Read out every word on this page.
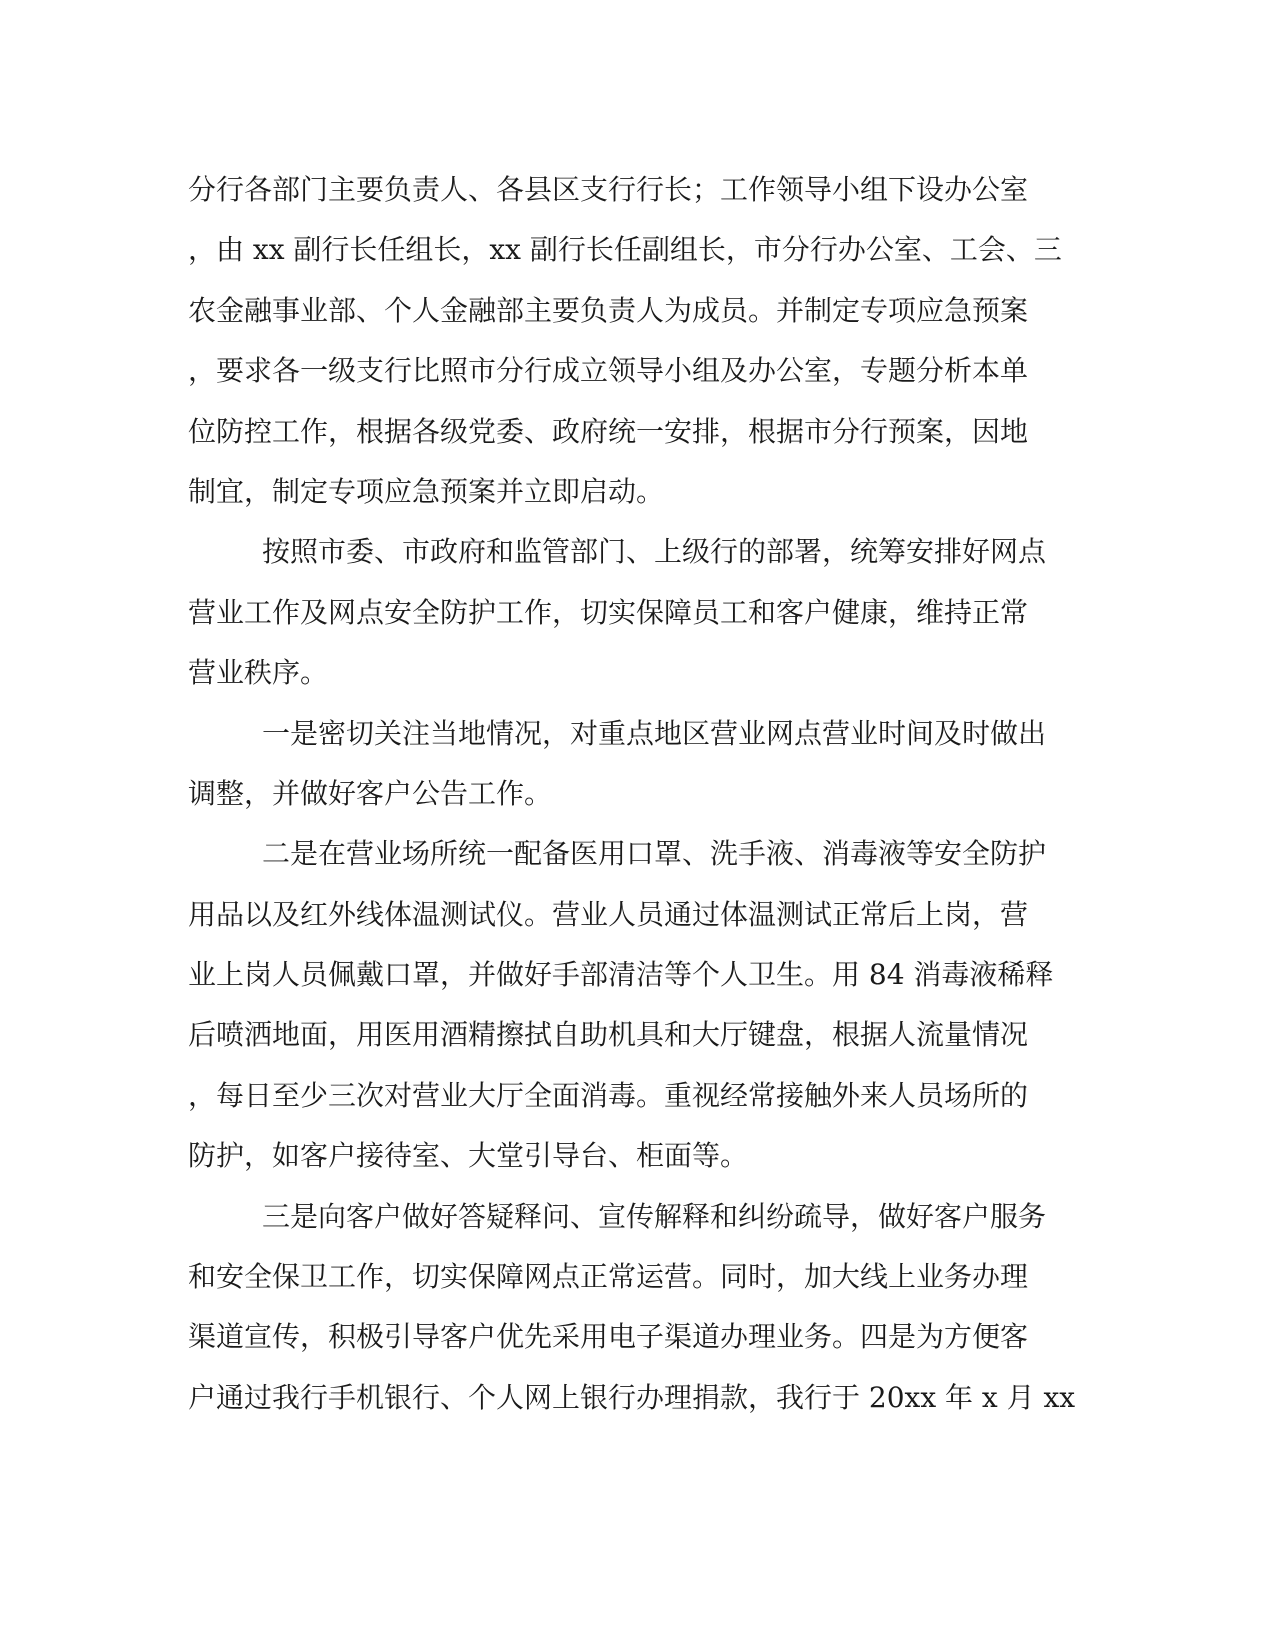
分行各部门主要负责人、各县区支行行长；工作领导小组下设办公室
，由 xx 副行长任组长，xx 副行长任副组长，市分行办公室、工会、三
农金融事业部、个人金融部主要负责人为成员。并制定专项应急预案
，要求各一级支行比照市分行成立领导小组及办公室，专题分析本单
位防控工作，根据各级党委、政府统一安排，根据市分行预案，因地
制宜，制定专项应急预案并立即启动。
按照市委、市政府和监管部门、上级行的部署，统筹安排好网点
营业工作及网点安全防护工作，切实保障员工和客户健康，维持正常
营业秩序。
一是密切关注当地情况，对重点地区营业网点营业时间及时做出
调整，并做好客户公告工作。
二是在营业场所统一配备医用口罩、洗手液、消毒液等安全防护
用品以及红外线体温测试仪。营业人员通过体温测试正常后上岗，营
业上岗人员佩戴口罩，并做好手部清洁等个人卫生。用 84 消毒液稀释
后喷洒地面，用医用酒精擦拭自助机具和大厅键盘，根据人流量情况
，每日至少三次对营业大厅全面消毒。重视经常接触外来人员场所的
防护，如客户接待室、大堂引导台、柜面等。
三是向客户做好答疑释问、宣传解释和纠纷疏导，做好客户服务
和安全保卫工作，切实保障网点正常运营。同时，加大线上业务办理
渠道宣传，积极引导客户优先采用电子渠道办理业务。四是为方便客
户通过我行手机银行、个人网上银行办理捐款，我行于 20xx 年 x 月 xx
